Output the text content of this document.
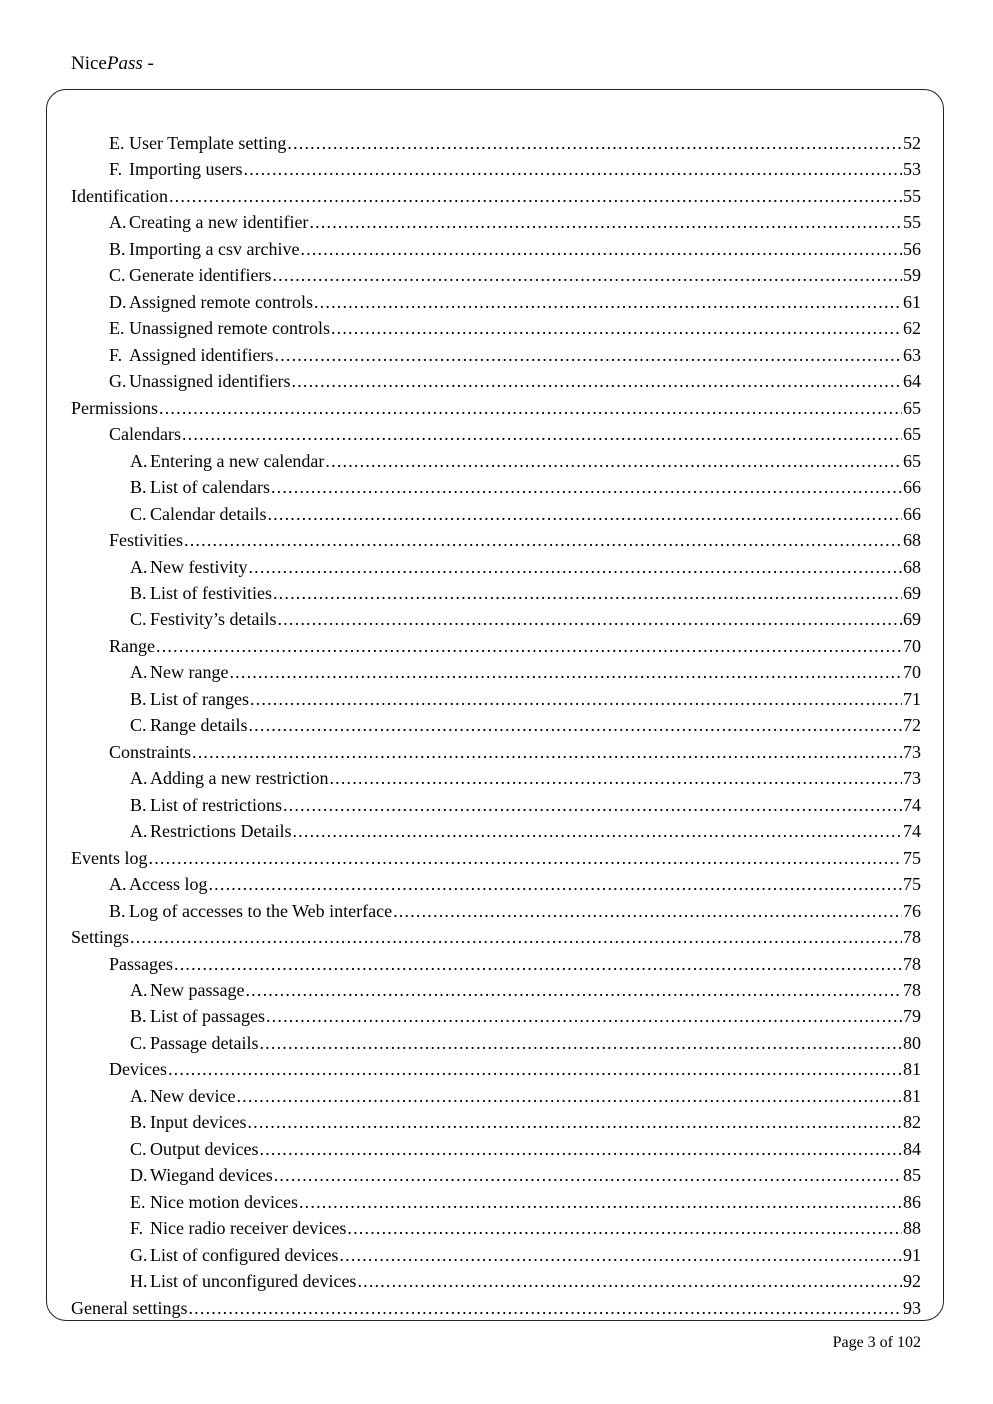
NicePass -
E. User Template setting .....	52
F. Importing users .....	53
Identification .....	55
A. Creating a new identifier .....	55
B. Importing a csv archive .....	56
C. Generate identifiers .....	59
D. Assigned remote controls .....	61
E. Unassigned remote controls .....	62
F. Assigned identifiers .....	63
G. Unassigned identifiers .....	64
Permissions .....	65
Calendars .....	65
A. Entering a new calendar .....	65
B. List of calendars .....	66
C. Calendar details .....	66
Festivities .....	68
A. New festivity .....	68
B. List of festivities .....	69
C. Festivity’s details .....	69
Range .....	70
A. New range .....	70
B. List of ranges .....	71
C. Range details .....	72
Constraints .....	73
A. Adding a new restriction .....	73
B. List of restrictions .....	74
A. Restrictions Details .....	74
Events log .....	75
A. Access log .....	75
B. Log of accesses to the Web interface .....	76
Settings .....	78
Passages .....	78
A. New passage .....	78
B. List of passages .....	79
C. Passage details .....	80
Devices .....	81
A. New device .....	81
B. Input devices .....	82
C. Output devices .....	84
D. Wiegand devices .....	85
E. Nice motion devices .....	86
F. Nice radio receiver devices .....	88
G. List of configured devices .....	91
H. List of unconfigured devices .....	92
General settings .....	93
Page 3 of 102
